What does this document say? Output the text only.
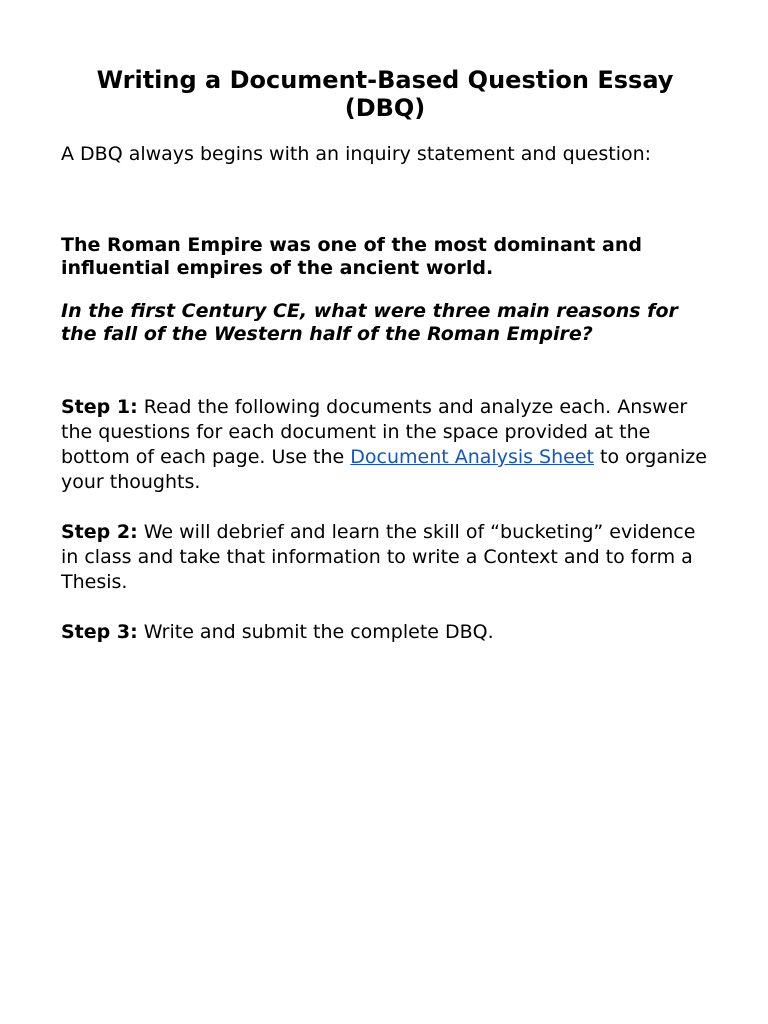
Writing a Document-Based Question Essay (DBQ)
A DBQ always begins with an inquiry statement and question:
The Roman Empire was one of the most dominant and influential empires of the ancient world.
In the first Century CE, what were three main reasons for the fall of the Western half of the Roman Empire?
Step 1: Read the following documents and analyze each. Answer the questions for each document in the space provided at the bottom of each page. Use the Document Analysis Sheet to organize your thoughts.
Step 2: We will debrief and learn the skill of “bucketing” evidence in class and take that information to write a Context and to form a Thesis.
Step 3: Write and submit the complete DBQ.
